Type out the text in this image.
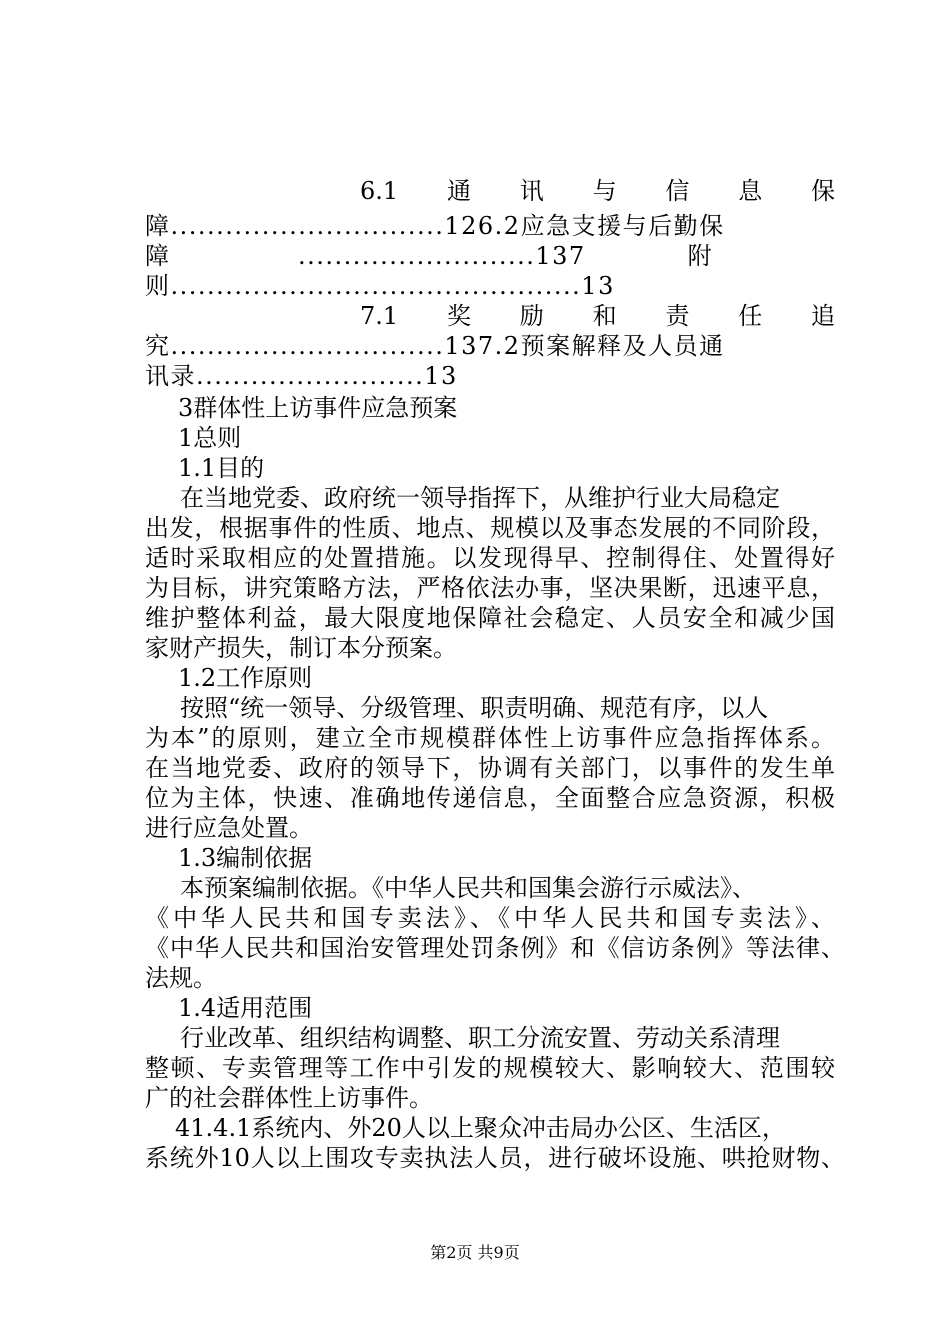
6.1　通　讯　与　信　息　保
障..............................126.2应急支援与后勤保
障　　　　　..........................137　　　　附
则.............................................13
7.1　奖　励　和　责　任　追
究..............................137.2预案解释及人员通
讯录.........................13
3群体性上访事件应急预案
1总则
1.1目的
在当地党委、政府统一领导指挥下，从维护行业大局稳定
出发，根据事件的性质、地点、规模以及事态发展的不同阶段，
适时采取相应的处置措施。以发现得早、控制得住、处置得好
为目标，讲究策略方法，严格依法办事，坚决果断，迅速平息，
维护整体利益，最大限度地保障社会稳定、人员安全和减少国
家财产损失，制订本分预案。
1.2工作原则
按照“统一领导、分级管理、职责明确、规范有序，以人
为本”的原则，建立全市规模群体性上访事件应急指挥体系。
在当地党委、政府的领导下，协调有关部门，以事件的发生单
位为主体，快速、准确地传递信息，全面整合应急资源，积极
进行应急处置。
1.3编制依据
本预案编制依据。《中华人民共和国集会游行示威法》、
《中华人民共和国专卖法》、《中华人民共和国专卖法》、
《中华人民共和国治安管理处罚条例》和《信访条例》等法律、
法规。
1.4适用范围
行业改革、组织结构调整、职工分流安置、劳动关系清理
整顿、专卖管理等工作中引发的规模较大、影响较大、范围较
广的社会群体性上访事件。
41.4.1系统内、外20人以上聚众冲击局办公区、生活区，
系统外10人以上围攻专卖执法人员，进行破坏设施、哄抢财物、
第2页 共9页
